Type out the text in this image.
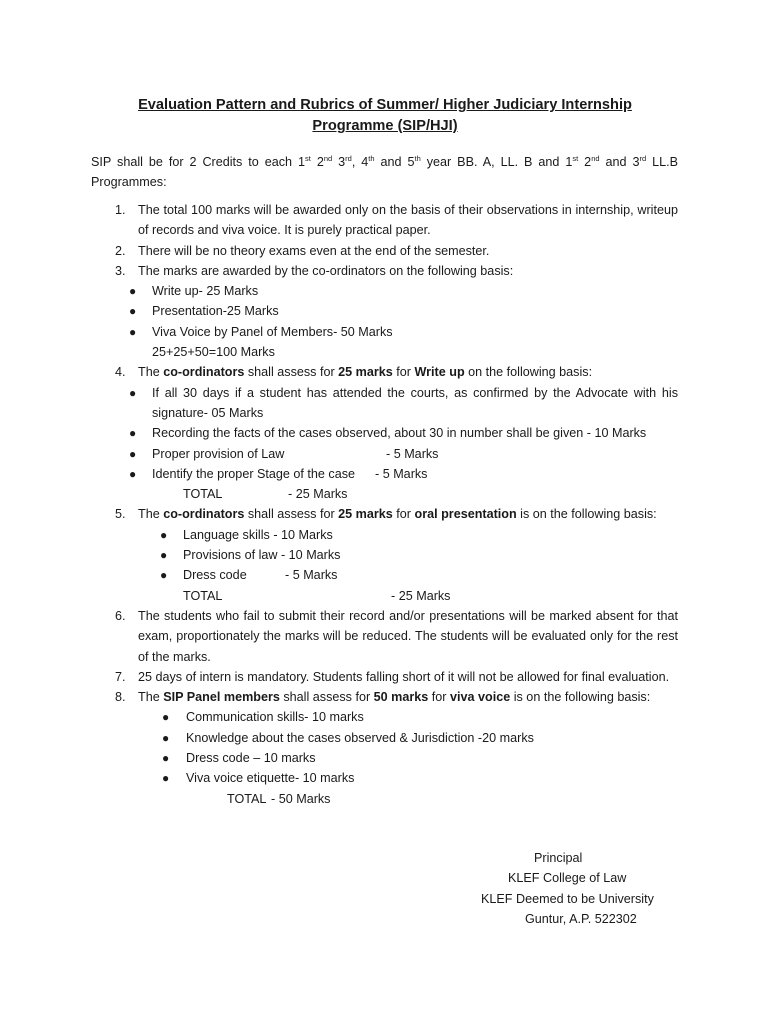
Evaluation Pattern and Rubrics of Summer/ Higher Judiciary Internship
Programme (SIP/HJI)
SIP shall be for 2 Credits to each 1st 2nd 3rd, 4th and 5th year BB. A, LL. B and 1st 2nd and 3rd LL.B Programmes:
1. The total 100 marks will be awarded only on the basis of their observations in internship, writeup of records and viva voice. It is purely practical paper.
2. There will be no theory exams even at the end of the semester.
3. The marks are awarded by the co-ordinators on the following basis:
● Write up- 25 Marks
● Presentation-25 Marks
● Viva Voice by Panel of Members- 50 Marks
25+25+50=100 Marks
4. The co-ordinators shall assess for 25 marks for Write up on the following basis:
● If all 30 days if a student has attended the courts, as confirmed by the Advocate with his signature- 05 Marks
● Recording the facts of the cases observed, about 30 in number shall be given - 10 Marks
● Proper provision of Law	- 5 Marks
● Identify the proper Stage of the case - 5 Marks
TOTAL	- 25 Marks
5. The co-ordinators shall assess for 25 marks for oral presentation is on the following basis:
● Language skills - 10 Marks
● Provisions of law - 10 Marks
● Dress code	- 5 Marks
TOTAL	- 25 Marks
6. The students who fail to submit their record and/or presentations will be marked absent for that exam, proportionately the marks will be reduced. The students will be evaluated only for the rest of the marks.
7. 25 days of intern is mandatory. Students falling short of it will not be allowed for final evaluation.
8. The SIP Panel members shall assess for 50 marks for viva voice is on the following basis:
● Communication skills- 10 marks
● Knowledge about the cases observed & Jurisdiction -20 marks
● Dress code – 10 marks
● Viva voice etiquette- 10 marks
TOTAL - 50 Marks
Principal
KLEF College of Law
KLEF Deemed to be University
Guntur, A.P. 522302
